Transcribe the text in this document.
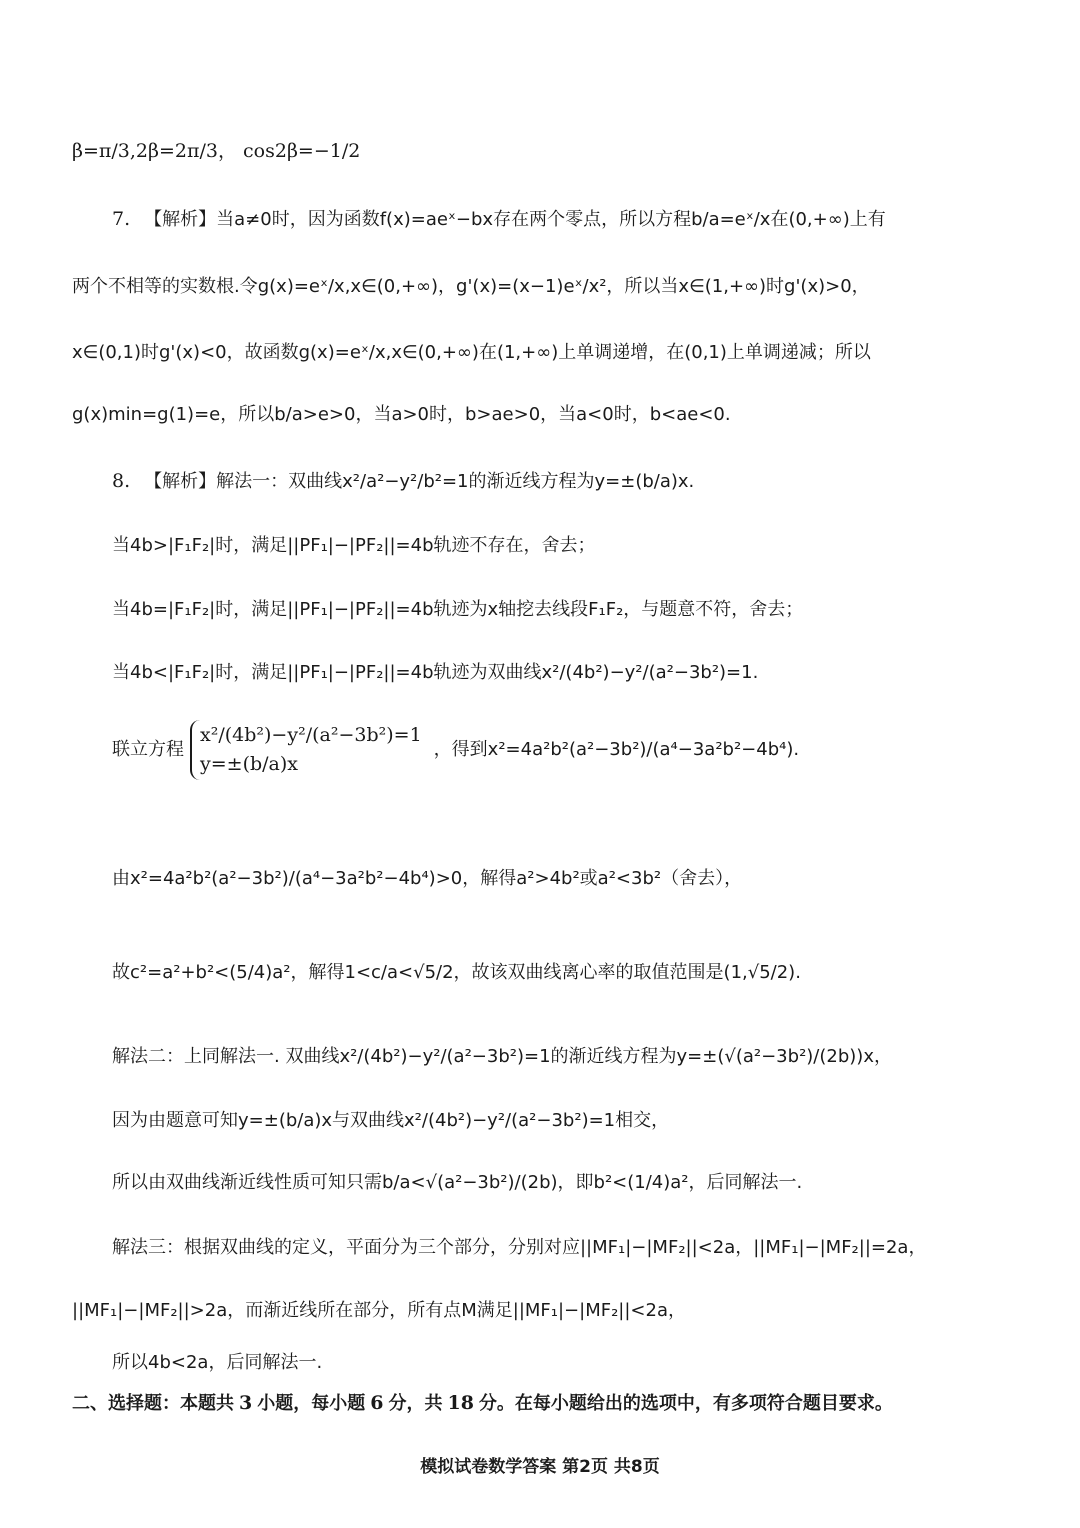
β=π/3,2β=2π/3， cos2β=−1/2
7. 【解析】 当a≠0时，因为函数f(x)=aeˣ−bx存在两个零点，所以方程b/a=eˣ/x在(0,+∞)上有
两个不相等的实数根.令g(x)=eˣ/x,x∈(0,+∞)，g'(x)=(x−1)eˣ/x²，所以当x∈(1,+∞)时g'(x)>0，
x∈(0,1)时g'(x)<0，故函数g(x)=eˣ/x,x∈(0,+∞)在(1,+∞)上单调递增，在(0,1)上单调递减；所以
g(x)min=g(1)=e，所以b/a>e>0，当a>0时，b>ae>0，当a<0时，b<ae<0.
8. 【解析】 解法一：双曲线x²/a²−y²/b²=1的渐近线方程为y=±(b/a)x.
当4b>|F₁F₂|时，满足||PF₁|−|PF₂||=4b轨迹不存在，舍去；
当4b=|F₁F₂|时，满足||PF₁|−|PF₂||=4b轨迹为x轴挖去线段F₁F₂，与题意不符，舍去；
当4b<|F₁F₂|时，满足||PF₁|−|PF₂||=4b轨迹为双曲线x²/(4b²)−y²/(a²−3b²)=1.
联立方程
x²/(4b²)−y²/(a²−3b²)=1
y=±(b/a)x
，得到x²=4a²b²(a²−3b²)/(a⁴−3a²b²−4b⁴).
由x²=4a²b²(a²−3b²)/(a⁴−3a²b²−4b⁴)>0，解得a²>4b²或a²<3b²（舍去），
故c²=a²+b²<(5/4)a²，解得1<c/a<√5/2，故该双曲线离心率的取值范围是(1,√5/2).
解法二：上同解法一. 双曲线x²/(4b²)−y²/(a²−3b²)=1的渐近线方程为y=±(√(a²−3b²)/(2b))x，
因为由题意可知y=±(b/a)x与双曲线x²/(4b²)−y²/(a²−3b²)=1相交，
所以由双曲线渐近线性质可知只需b/a<√(a²−3b²)/(2b)，即b²<(1/4)a²，后同解法一.
解法三：根据双曲线的定义，平面分为三个部分，分别对应||MF₁|−|MF₂||<2a，||MF₁|−|MF₂||=2a，
||MF₁|−|MF₂||>2a，而渐近线所在部分，所有点M满足||MF₁|−|MF₂||<2a，
所以4b<2a，后同解法一.
二、选择题：本题共 3 小题，每小题 6 分，共 18 分。在每小题给出的选项中，有多项符合题目要求。
模拟试卷数学答案 第2页 共8页
